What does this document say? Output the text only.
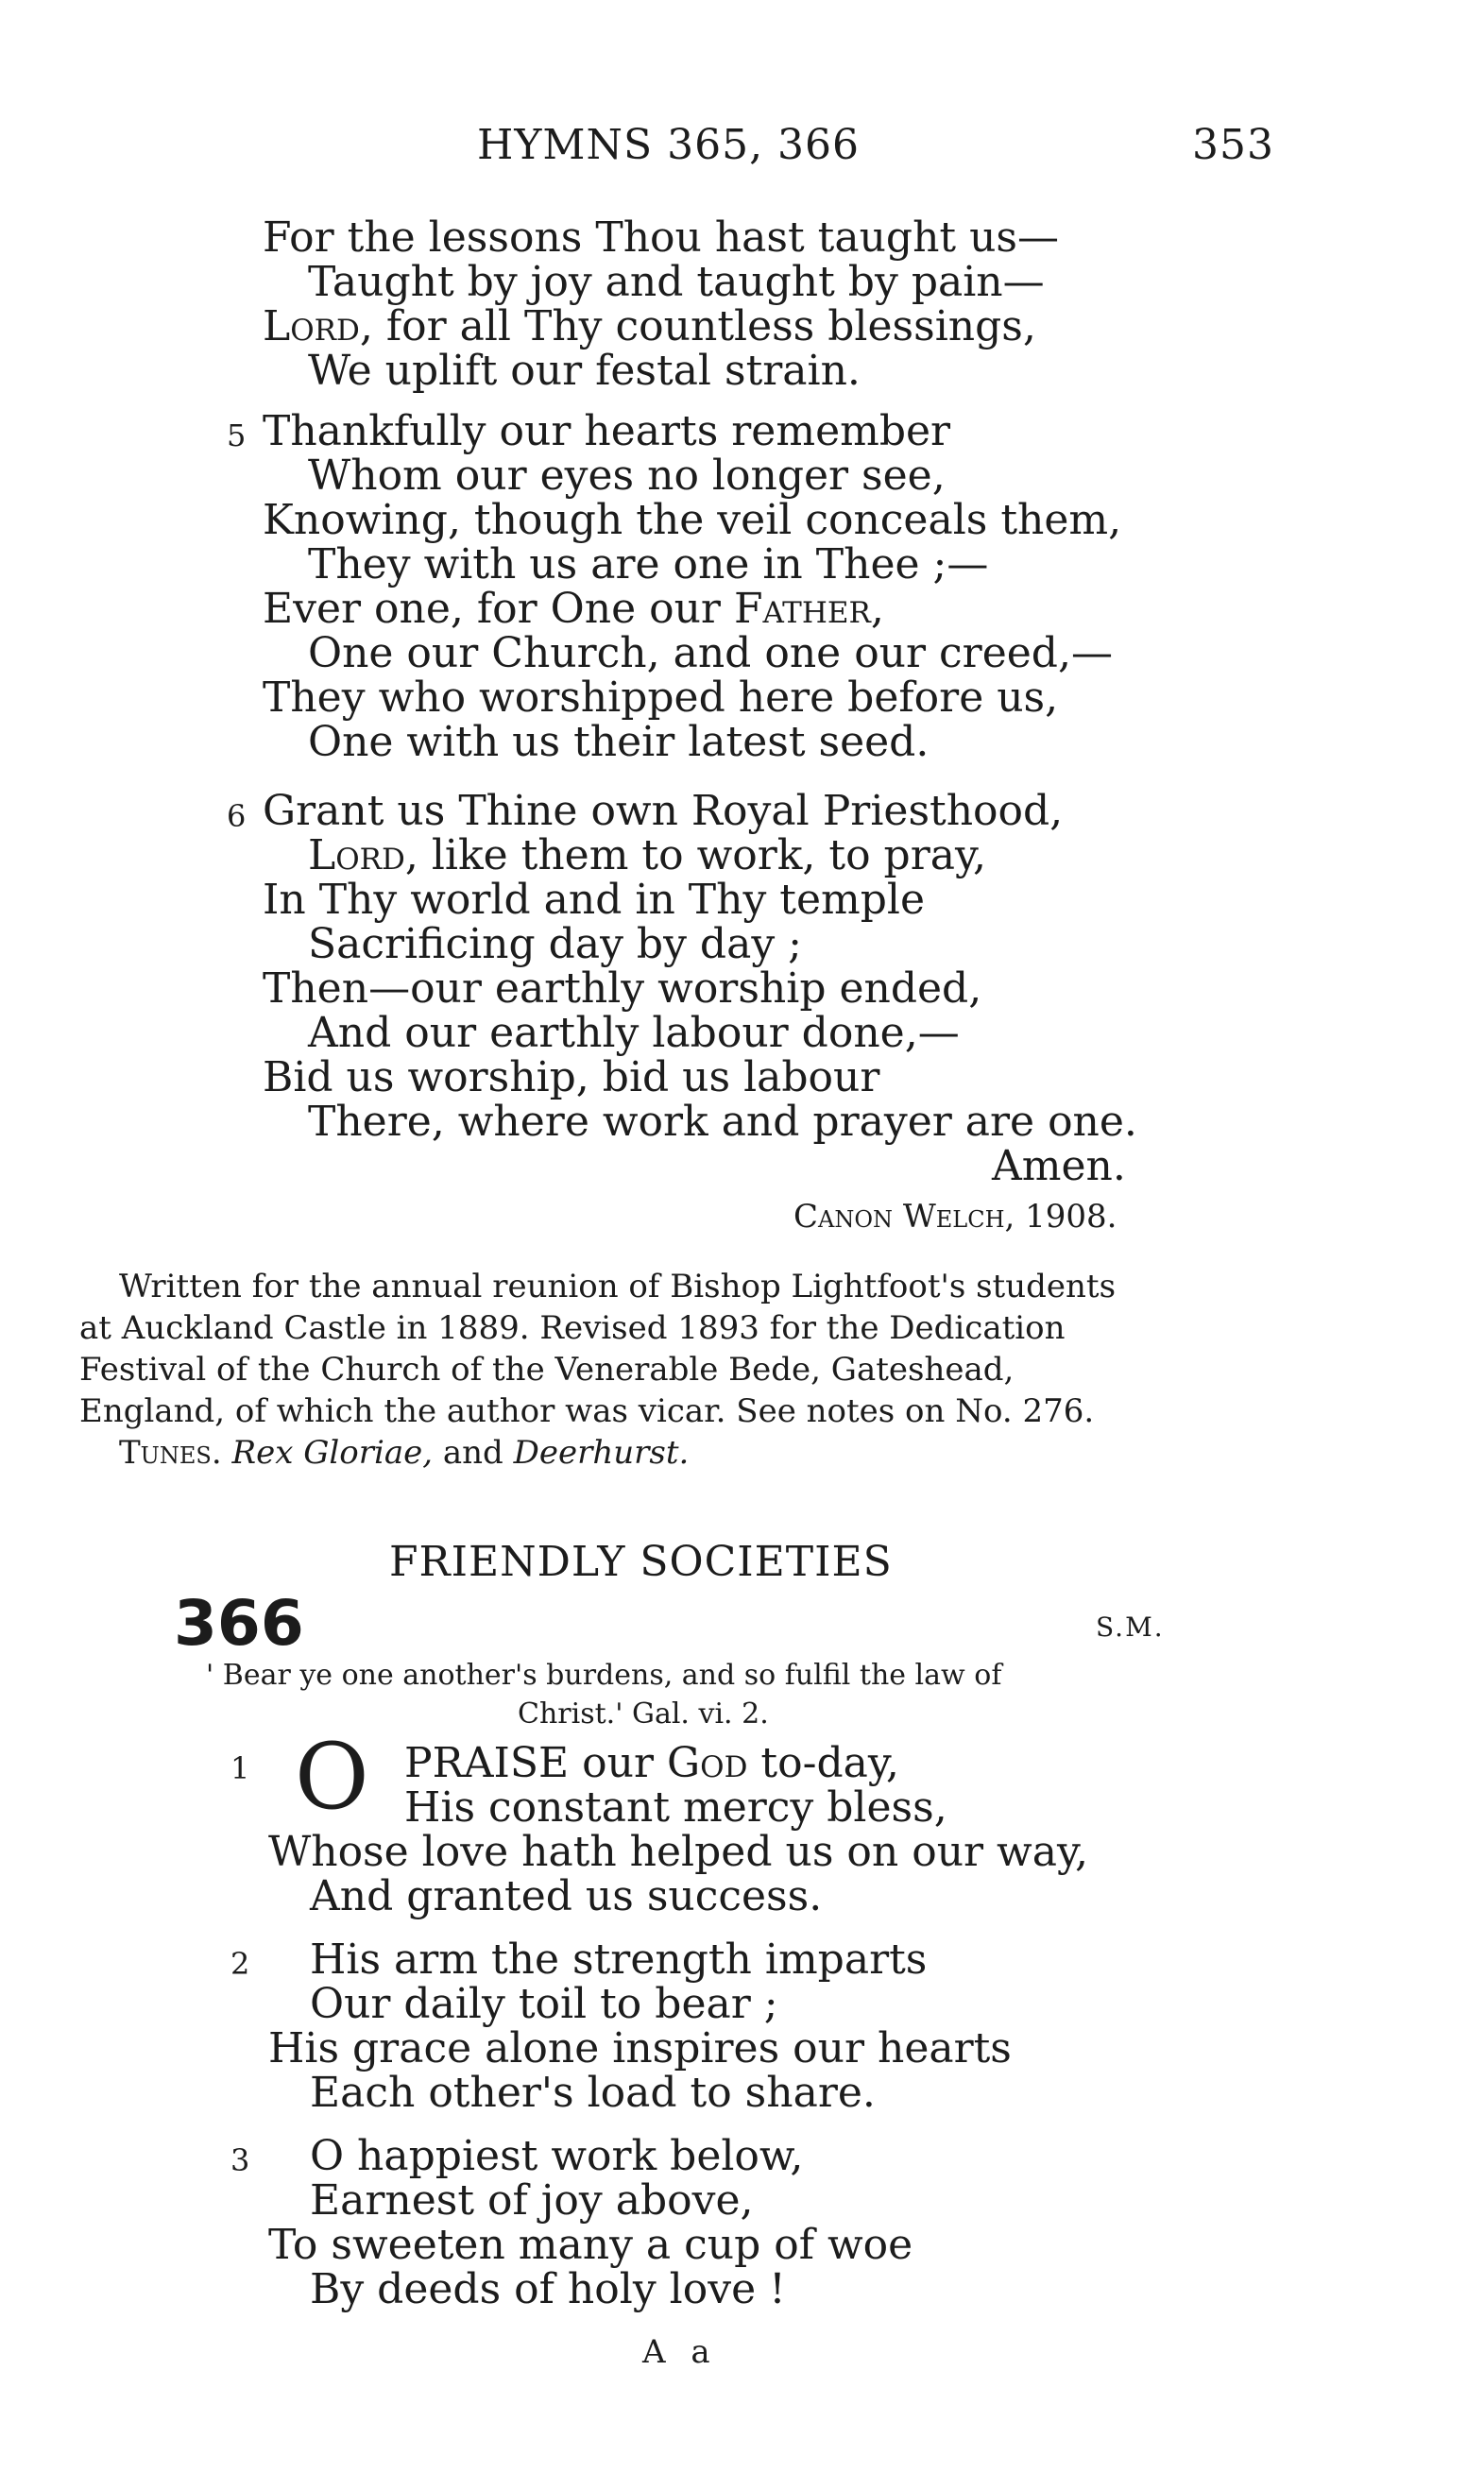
HYMNS 365, 366	353
For the lessons Thou hast taught us—
Taught by joy and taught by pain—
Lord, for all Thy countless blessings,
We uplift our festal strain.
5 Thankfully our hearts remember
Whom our eyes no longer see,
Knowing, though the veil conceals them,
They with us are one in Thee ;—
Ever one, for One our Father,
One our Church, and one our creed,—
They who worshipped here before us,
One with us their latest seed.
6 Grant us Thine own Royal Priesthood,
Lord, like them to work, to pray,
In Thy world and in Thy temple
Sacrificing day by day ;
Then—our earthly worship ended,
And our earthly labour done,—
Bid us worship, bid us labour
There, where work and prayer are one.
Amen.
Canon Welch, 1908.
Written for the annual reunion of Bishop Lightfoot's students
at Auckland Castle in 1889. Revised 1893 for the Dedication
Festival of the Church of the Venerable Bede, Gateshead,
England, of which the author was vicar. See notes on No. 276.
Tunes. Rex Gloriae, and Deerhurst.
FRIENDLY SOCIETIES
366	S.M.
' Bear ye one another's burdens, and so fulfil the law of
Christ.' Gal. vi. 2.
1 O PRAISE our God to-day,
His constant mercy bless,
Whose love hath helped us on our way,
And granted us success.
2 His arm the strength imparts
Our daily toil to bear ;
His grace alone inspires our hearts
Each other's load to share.
3 O happiest work below,
Earnest of joy above,
To sweeten many a cup of woe
By deeds of holy love !
A a
